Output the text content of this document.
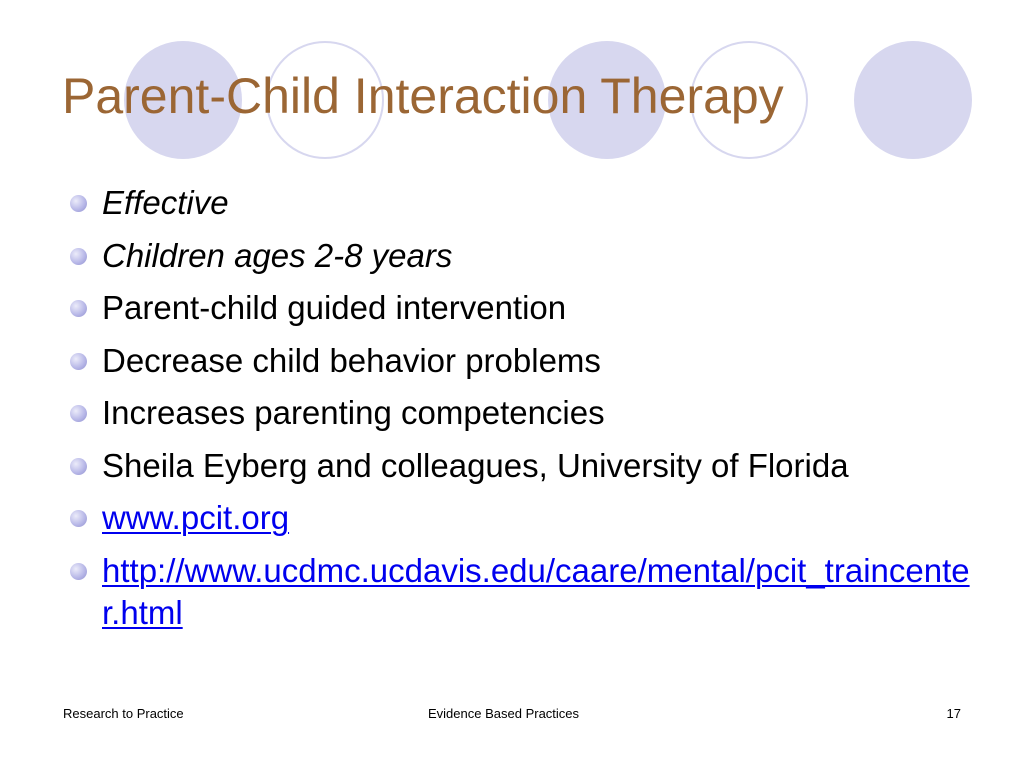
Parent-Child Interaction Therapy
Effective
Children ages 2-8 years
Parent-child guided intervention
Decrease child behavior problems
Increases parenting competencies
Sheila Eyberg and colleagues, University of Florida
www.pcit.org
http://www.ucdmc.ucdavis.edu/caare/mental/pcit_traincenter.html
Research to Practice	Evidence Based Practices	17
